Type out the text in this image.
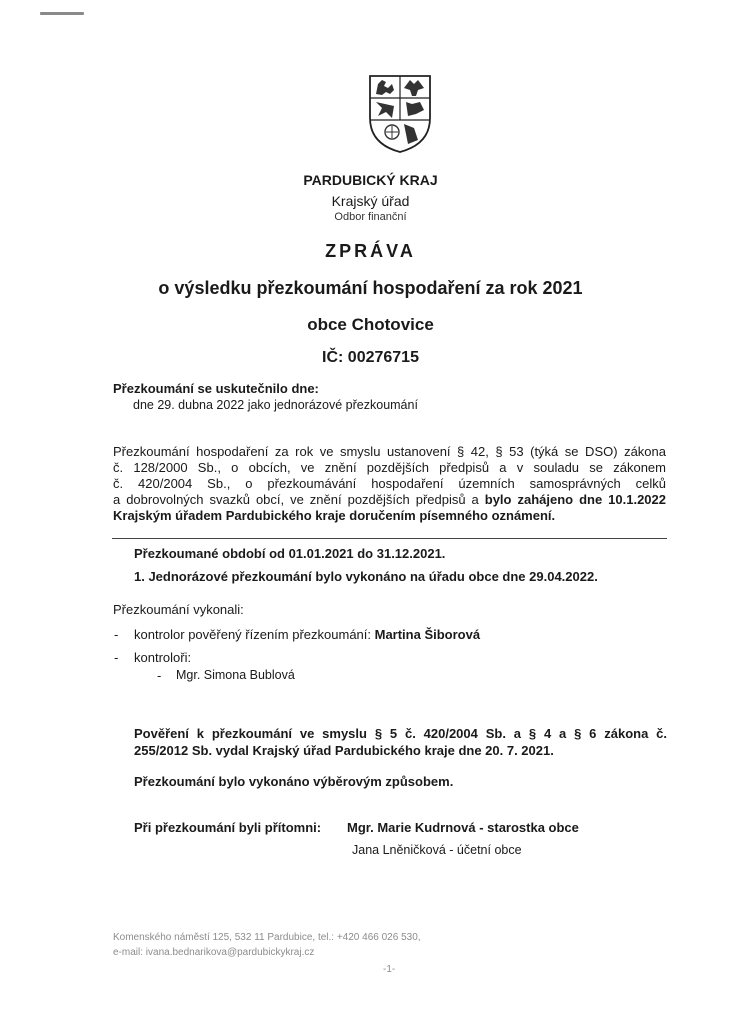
PARDUBICKÝ KRAJ
Krajský úřad
Odbor finanční
ZPRÁVA
o výsledku přezkoumání hospodaření za rok 2021
obce Chotovice
IČ: 00276715
Přezkoumání se uskutečnilo dne:
dne 29. dubna 2022 jako jednorázové přezkoumání
Přezkoumání hospodaření za rok ve smyslu ustanovení § 42, § 53 (týká se DSO) zákona
č. 128/2000 Sb., o obcích, ve znění pozdějších předpisů a v souladu se zákonem
č. 420/2004 Sb., o přezkoumávání hospodaření územních samosprávných celků
a dobrovolných svazků obcí, ve znění pozdějších předpisů a bylo zahájeno dne 10.1.2022
Krajským úřadem Pardubického kraje doručením písemného oznámení.
Přezkoumané období od 01.01.2021 do 31.12.2021.
1. Jednorázové přezkoumání bylo vykonáno na úřadu obce dne 29.04.2022.
Přezkoumání vykonali:
- kontrolor pověřený řízením přezkoumání: Martina Šiborová
- kontroloři:
- Mgr. Simona Bublová
Pověření k přezkoumání ve smyslu § 5 č. 420/2004 Sb. a § 4 a § 6 zákona č.
255/2012 Sb. vydal Krajský úřad Pardubického kraje dne 20. 7. 2021.
Přezkoumání bylo vykonáno výběrovým způsobem.
Při přezkoumání byli přítomni: Mgr. Marie Kudrnová - starostka obce
Jana Lněničková - účetní obce
Komenského náměstí 125, 532 11 Pardubice, tel.: +420 466 026 530,
e-mail: ivana.bednarikova@pardubickykraj.cz
-1-
